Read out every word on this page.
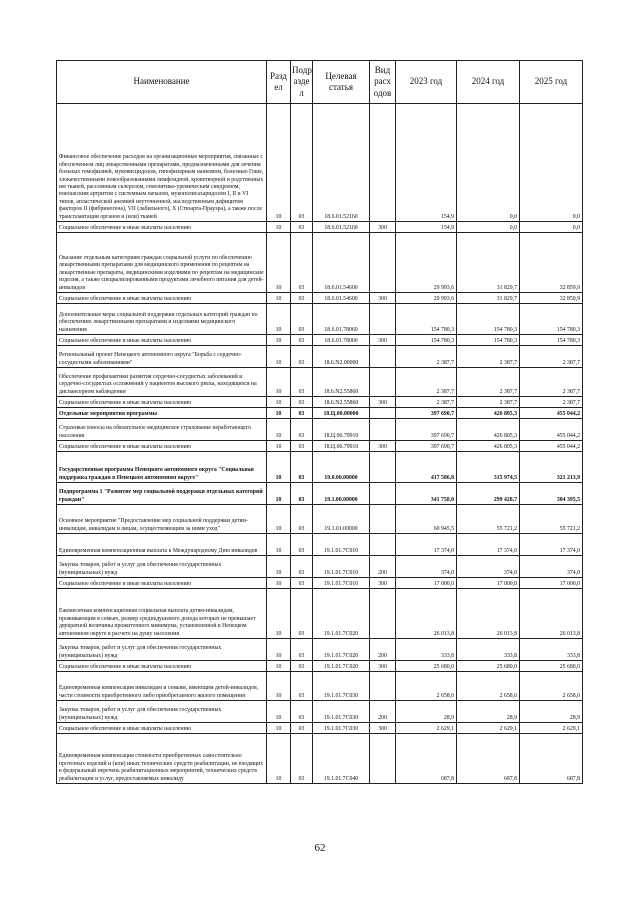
Наименование	Разд ел	Подр азде л	Целевая статья	Вид расх одов	2023 год	2024 год	2025 год
Финансовое обеспечение расходов на организационные мероприятия, связанные с обеспечением лиц лекарственными препаратами, предназначенными для лечения больных гемофилией, муковисцидозом, гипофизарным нанизмом, болезнью Гоше, злокачественными новообразованиями лимфоидной, кроветворной и родственных им тканей, рассеянным склерозом, гемолитико-уремическим синдромом, юношеским артритом с системным началом, мукополисахаридозом I, II и VI типов, апластической анемией неуточненной, наследственным дефицитом факторов II (фибриногена), VII (лабильного), X (Стюарта-Прауэра), а также после трансплантации органов и (или) тканей	10	03	18.6.01.52160		154,9	0,0	0,0
Социальное обеспечение и иные выплаты населению	10	03	18.6.01.52160	300	154,9	0,0	0,0
Оказание отдельным категориям граждан социальной услуги по обеспечению лекарственными препаратами для медицинского применения по рецептам на лекарственные препараты, медицинскими изделиями по рецептам на медицинские изделия, а также специализированными продуктами лечебного питания для детей-инвалидов	10	03	18.6.01.54600		29 993,6	31 829,7	32 859,9
Социальное обеспечение и иные выплаты населению	10	03	18.6.01.54600	300	29 993,6	31 829,7	32 859,9
Дополнительные меры социальной поддержки отдельных категорий граждан по обеспечению лекарственными препаратами и изделиями медицинского назначения	10	03	18.6.01.78060		154 780,3	154 780,3	154 780,3
Социальное обеспечение и иные выплаты населению	10	03	18.6.01.78060	300	154 780,3	154 780,3	154 780,3
Региональный проект Ненецкого автономного округа "Борьба с сердечно-сосудистыми заболеваниями"	10	03	18.6.N2.00000		2 387,7	2 387,7	2 387,7
Обеспечение профилактики развития сердечно-сосудистых заболеваний и сердечно-сосудистых осложнений у пациентов высокого риска, находящихся на диспансерном наблюдении	10	03	18.6.N2.55860		2 387,7	2 387,7	2 387,7
Социальное обеспечение и иные выплаты населению	10	03	18.6.N2.55860	300	2 387,7	2 387,7	2 387,7
Отдельные мероприятия программы	10	03	18.Ц.00.00000		397 690,7	426 805,3	455 044,2
Страховые взносы на обязательное медицинское страхование неработающего населения	10	03	18.Ц.00.79910		397 690,7	426 805,3	455 044,2
Социальное обеспечение и иные выплаты населению	10	03	18.Ц.00.79910	300	397 690,7	426 805,3	455 044,2
Государственная программа Ненецкого автономного округа "Социальная поддержка граждан в Ненецком автономном округе"	10	03	19.0.00.00000		417 586,8	315 974,5	321 213,9
Подпрограмма 1 "Развитие мер социальной поддержки отдельных категорий граждан"	10	03	19.1.00.00000		341 758,0	299 428,7	304 395,5
Основное мероприятие "Предоставление мер социальной поддержки детям-инвалидам, инвалидам и лицам, осуществляющим за ними уход"	10	03	19.1.01.00000		60 945,5	55 721,2	55 721,2
Единовременная компенсационная выплата к Международному Дню инвалидов	10	03	19.1.01.7С010		17 374,0	17 374,0	17 374,0
Закупка товаров, работ и услуг для обеспечения государственных (муниципальных) нужд	10	03	19.1.01.7С010	200	374,0	374,0	374,0
Социальное обеспечение и иные выплаты населению	10	03	19.1.01.7С010	300	17 000,0	17 000,0	17 000,0
Ежемесячная компенсационная социальная выплата детям-инвалидам, проживающим в семьях, размер среднедушевого дохода которых не превышает двукратной величины прожиточного минимума, установленной в Ненецком автономном округе в расчете на душу населения	10	03	19.1.01.7С020		26 013,8	26 013,8	26 013,8
Закупка товаров, работ и услуг для обеспечения государственных (муниципальных) нужд	10	03	19.1.01.7С020	200	333,8	333,8	333,8
Социальное обеспечение и иные выплаты населению	10	03	19.1.01.7С020	300	25 680,0	25 680,0	25 680,0
Единовременная компенсация инвалидам и семьям, имеющим детей-инвалидов, части стоимости приобретенного либо приобретаемого жилого помещения	10	03	19.1.01.7С030		2 658,0	2 658,0	2 658,0
Закупка товаров, работ и услуг для обеспечения государственных (муниципальных) нужд	10	03	19.1.01.7С030	200	28,9	28,9	28,9
Социальное обеспечение и иные выплаты населению	10	03	19.1.01.7С030	300	2 629,1	2 629,1	2 629,1
Единовременная компенсация стоимости приобретенных самостоятельно протезных изделий и (или) иных технических средств реабилитации, не входящих в федеральный перечень реабилитационных мероприятий, технических средств реабилитации и услуг, предоставляемых инвалиду	10	03	19.1.01.7С040		687,8	687,8	687,8
62
